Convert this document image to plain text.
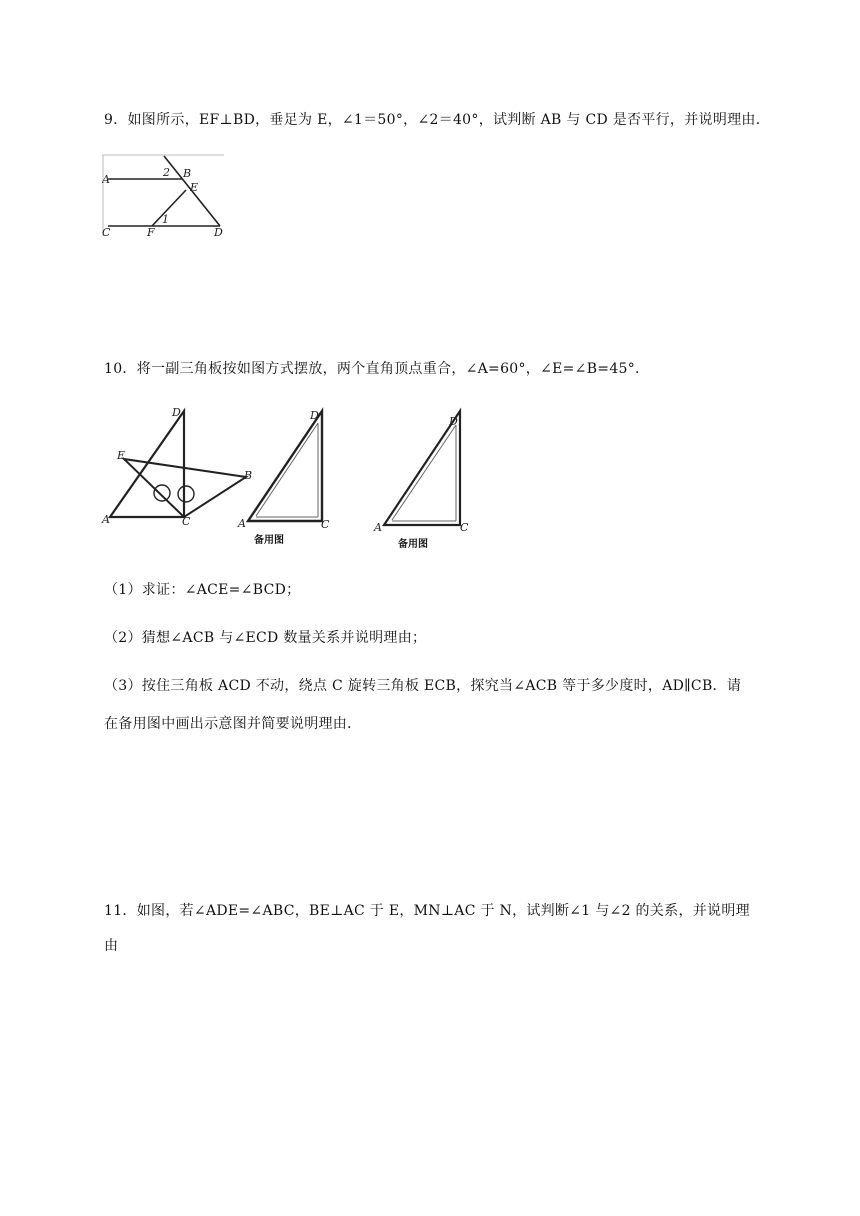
9．如图所示，EF⊥BD，垂足为 E，∠1＝50°，∠2＝40°，试判断 AB 与 CD 是否平行，并说明理由．
A	B
E
C	F	D
1
2
10．将一副三角板按如图方式摆放，两个直角顶点重合，∠A=60°，∠E=∠B=45°．
A	C
D
E
B
A	C
D
备用图
A	C
D
备用图
（1）求证：∠ACE=∠BCD；
（2）猜想∠ACB 与∠ECD 数量关系并说明理由；
（3）按住三角板 ACD 不动，绕点 C 旋转三角板 ECB，探究当∠ACB 等于多少度时，AD∥CB．请
在备用图中画出示意图并简要说明理由．
11．如图，若∠ADE=∠ABC，BE⊥AC 于 E，MN⊥AC 于 N，试判断∠1 与∠2 的关系，并说明理
由
